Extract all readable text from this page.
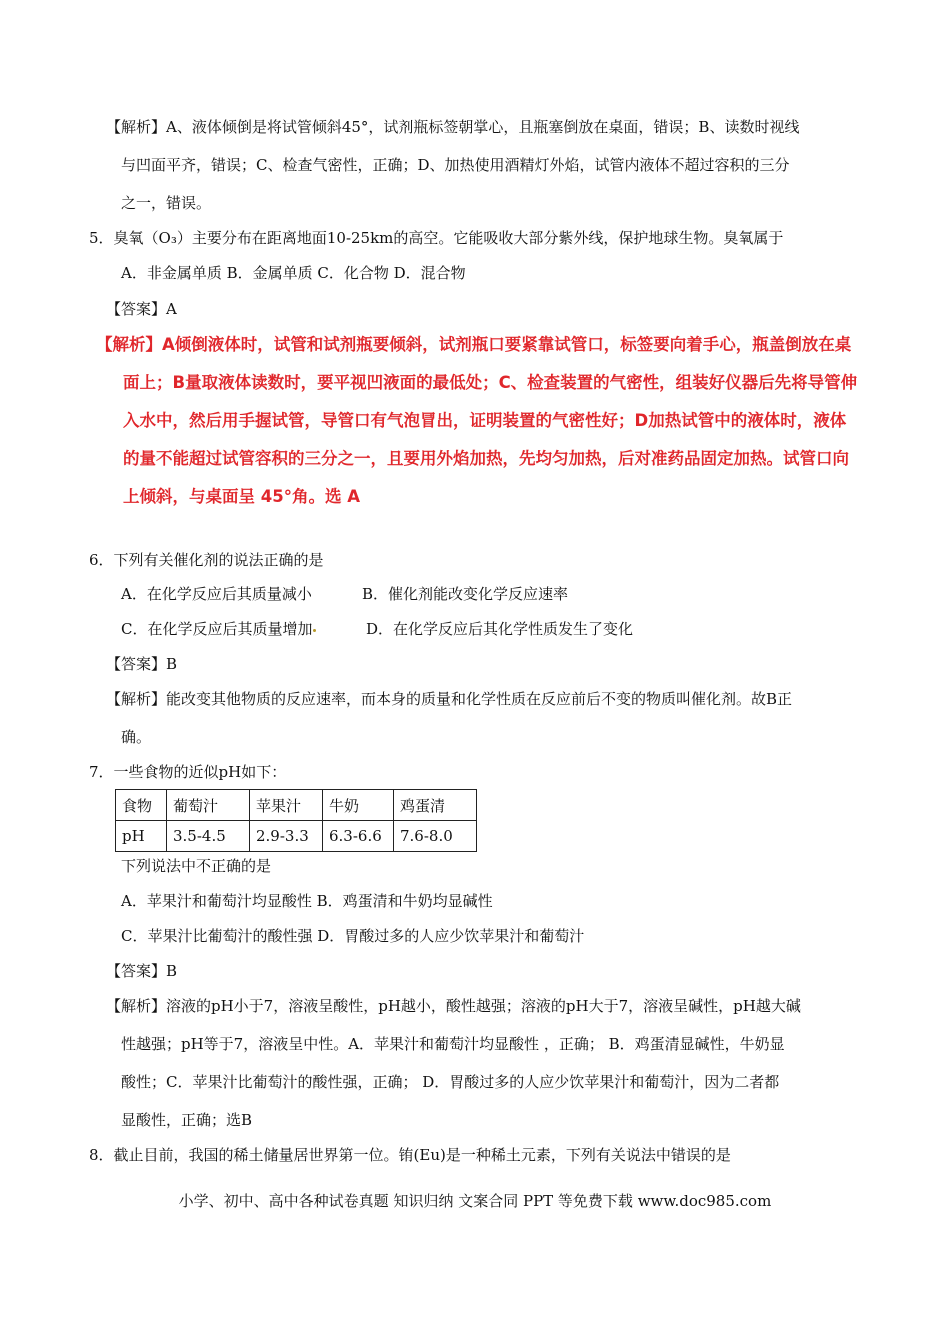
【解析】A、液体倾倒是将试管倾斜45°，试剂瓶标签朝掌心，且瓶塞倒放在桌面，错误；B、读数时视线
与凹面平齐，错误；C、检查气密性，正确；D、加热使用酒精灯外焰，试管内液体不超过容积的三分
之一，错误。
5．臭氧（O₃）主要分布在距离地面10-25km的高空。它能吸收大部分紫外线，保护地球生物。臭氧属于
A．非金属单质 B．金属单质 C．化合物 D．混合物
【答案】A
【解析】A倾倒液体时，试管和试剂瓶要倾斜，试剂瓶口要紧靠试管口，标签要向着手心，瓶盖倒放在桌
面上；B量取液体读数时，要平视凹液面的最低处；C、检查装置的气密性，组装好仪器后先将导管伸
入水中，然后用手握试管，导管口有气泡冒出，证明装置的气密性好；D加热试管中的液体时，液体
的量不能超过试管容积的三分之一，且要用外焰加热，先均匀加热，后对准药品固定加热。试管口向
上倾斜，与桌面呈 45°角。选 A
6．下列有关催化剂的说法正确的是
A．在化学反应后其质量减小	B．催化剂能改变化学反应速率
C．在化学反应后其质量增加	D．在化学反应后其化学性质发生了变化
【答案】B
【解析】能改变其他物质的反应速率，而本身的质量和化学性质在反应前后不变的物质叫催化剂。故B正
确。
7．一些食物的近似pH如下：
食物	葡萄汁	苹果汁	牛奶	鸡蛋清
pH	3.5-4.5	2.9-3.3	6.3-6.6	7.6-8.0
下列说法中不正确的是
A．苹果汁和葡萄汁均显酸性 B．鸡蛋清和牛奶均显碱性
C．苹果汁比葡萄汁的酸性强 D．胃酸过多的人应少饮苹果汁和葡萄汁
【答案】B
【解析】溶液的pH小于7，溶液呈酸性，pH越小，酸性越强；溶液的pH大于7，溶液呈碱性，pH越大碱
性越强；pH等于7，溶液呈中性。A．苹果汁和葡萄汁均显酸性 ，正确； B．鸡蛋清显碱性，牛奶显
酸性；C．苹果汁比葡萄汁的酸性强，正确； D．胃酸过多的人应少饮苹果汁和葡萄汁，因为二者都
显酸性，正确；选B
8．截止目前，我国的稀土储量居世界第一位。铕(Eu)是一种稀土元素，下列有关说法中错误的是
小学、初中、高中各种试卷真题 知识归纳 文案合同 PPT 等免费下载 www.doc985.com
